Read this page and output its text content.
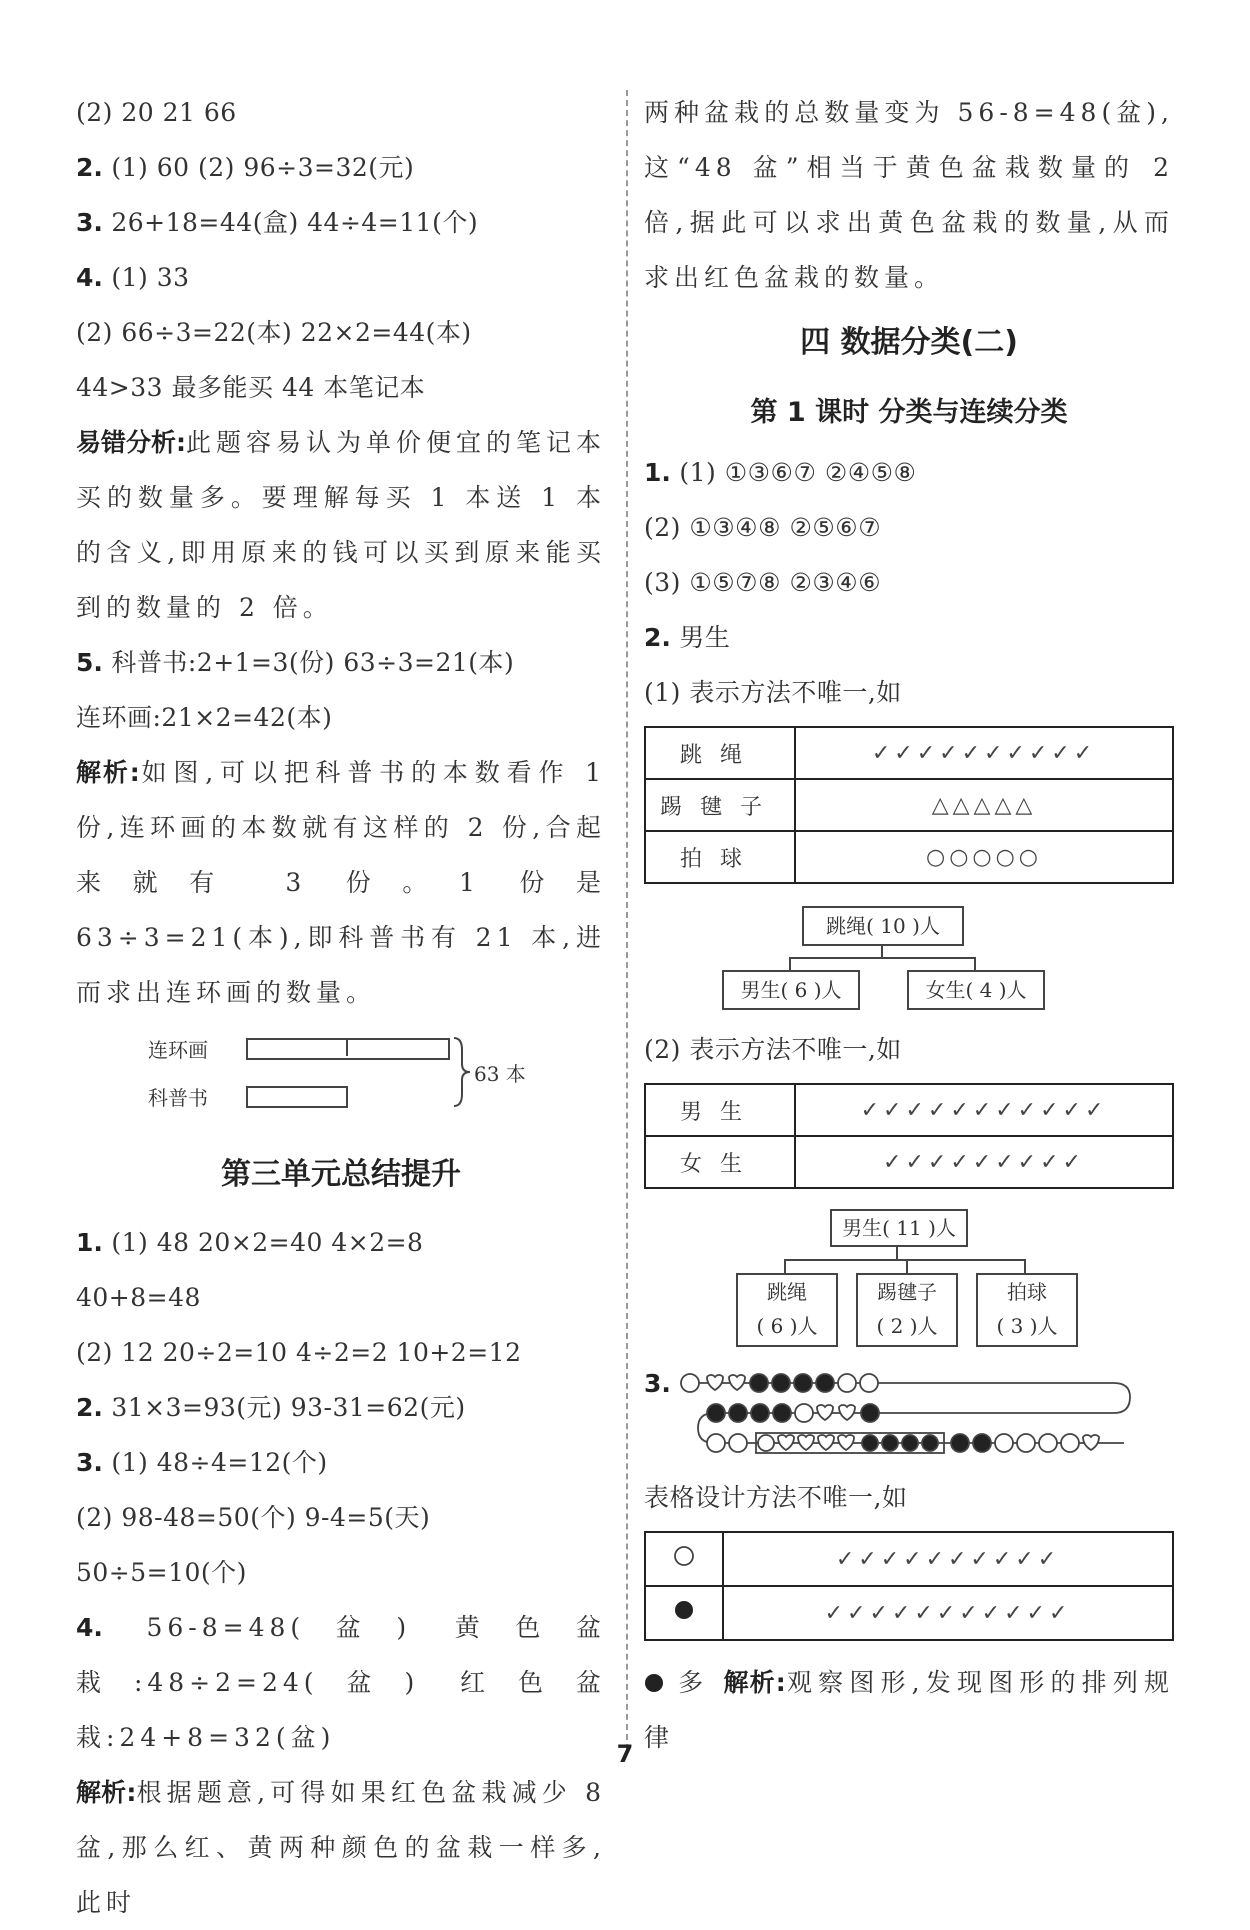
(2) 20 21 66
2. (1) 60 (2) 96÷3=32(元)
3. 26+18=44(盒) 44÷4=11(个)
4. (1) 33
(2) 66÷3=22(本) 22×2=44(本)
44>33 最多能买 44 本笔记本
易错分析:此题容易认为单价便宜的笔记本买的数量多。要理解每买 1 本送 1 本的含义,即用原来的钱可以买到原来能买到的数量的 2 倍。
5. 科普书:2+1=3(份) 63÷3=21(本)
连环画:21×2=42(本)
解析:如图,可以把科普书的本数看作 1 份,连环画的本数就有这样的 2 份,合起来就有 3 份。1 份是 63÷3=21(本),即科普书有 21 本,进而求出连环画的数量。
连环画
科普书
63 本
第三单元总结提升
1. (1) 48 20×2=40 4×2=8
40+8=48
(2) 12 20÷2=10 4÷2=2 10+2=12
2. 31×3=93(元) 93-31=62(元)
3. (1) 48÷4=12(个)
(2) 98-48=50(个) 9-4=5(天)
50÷5=10(个)
4. 56-8=48(盆) 黄色盆栽:48÷2=24(盆) 红色盆栽:24+8=32(盆)
解析:根据题意,可得如果红色盆栽减少 8 盆,那么红、黄两种颜色的盆栽一样多,此时
两种盆栽的总数量变为 56-8=48(盆),这“48 盆”相当于黄色盆栽数量的 2 倍,据此可以求出黄色盆栽的数量,从而求出红色盆栽的数量。
四 数据分类(二)
第 1 课时 分类与连续分类
1. (1) ①③⑥⑦ ②④⑤⑧
(2) ①③④⑧ ②⑤⑥⑦
(3) ①⑤⑦⑧ ②③④⑥
2. 男生
(1) 表示方法不唯一,如
跳绳	✓✓✓✓✓✓✓✓✓✓
踢毽子	△△△△△
拍球	○○○○○
跳绳( 10 )人
男生( 6 )人	女生( 4 )人
(2) 表示方法不唯一,如
男生	✓✓✓✓✓✓✓✓✓✓✓
女生	✓✓✓✓✓✓✓✓✓
男生( 11 )人
跳绳
( 6 )人
踢毽子
( 2 )人
拍球
( 3 )人
3.
表格设计方法不唯一,如
	✓✓✓✓✓✓✓✓✓✓
	✓✓✓✓✓✓✓✓✓✓✓
多 解析:观察图形,发现图形的排列规律
7
